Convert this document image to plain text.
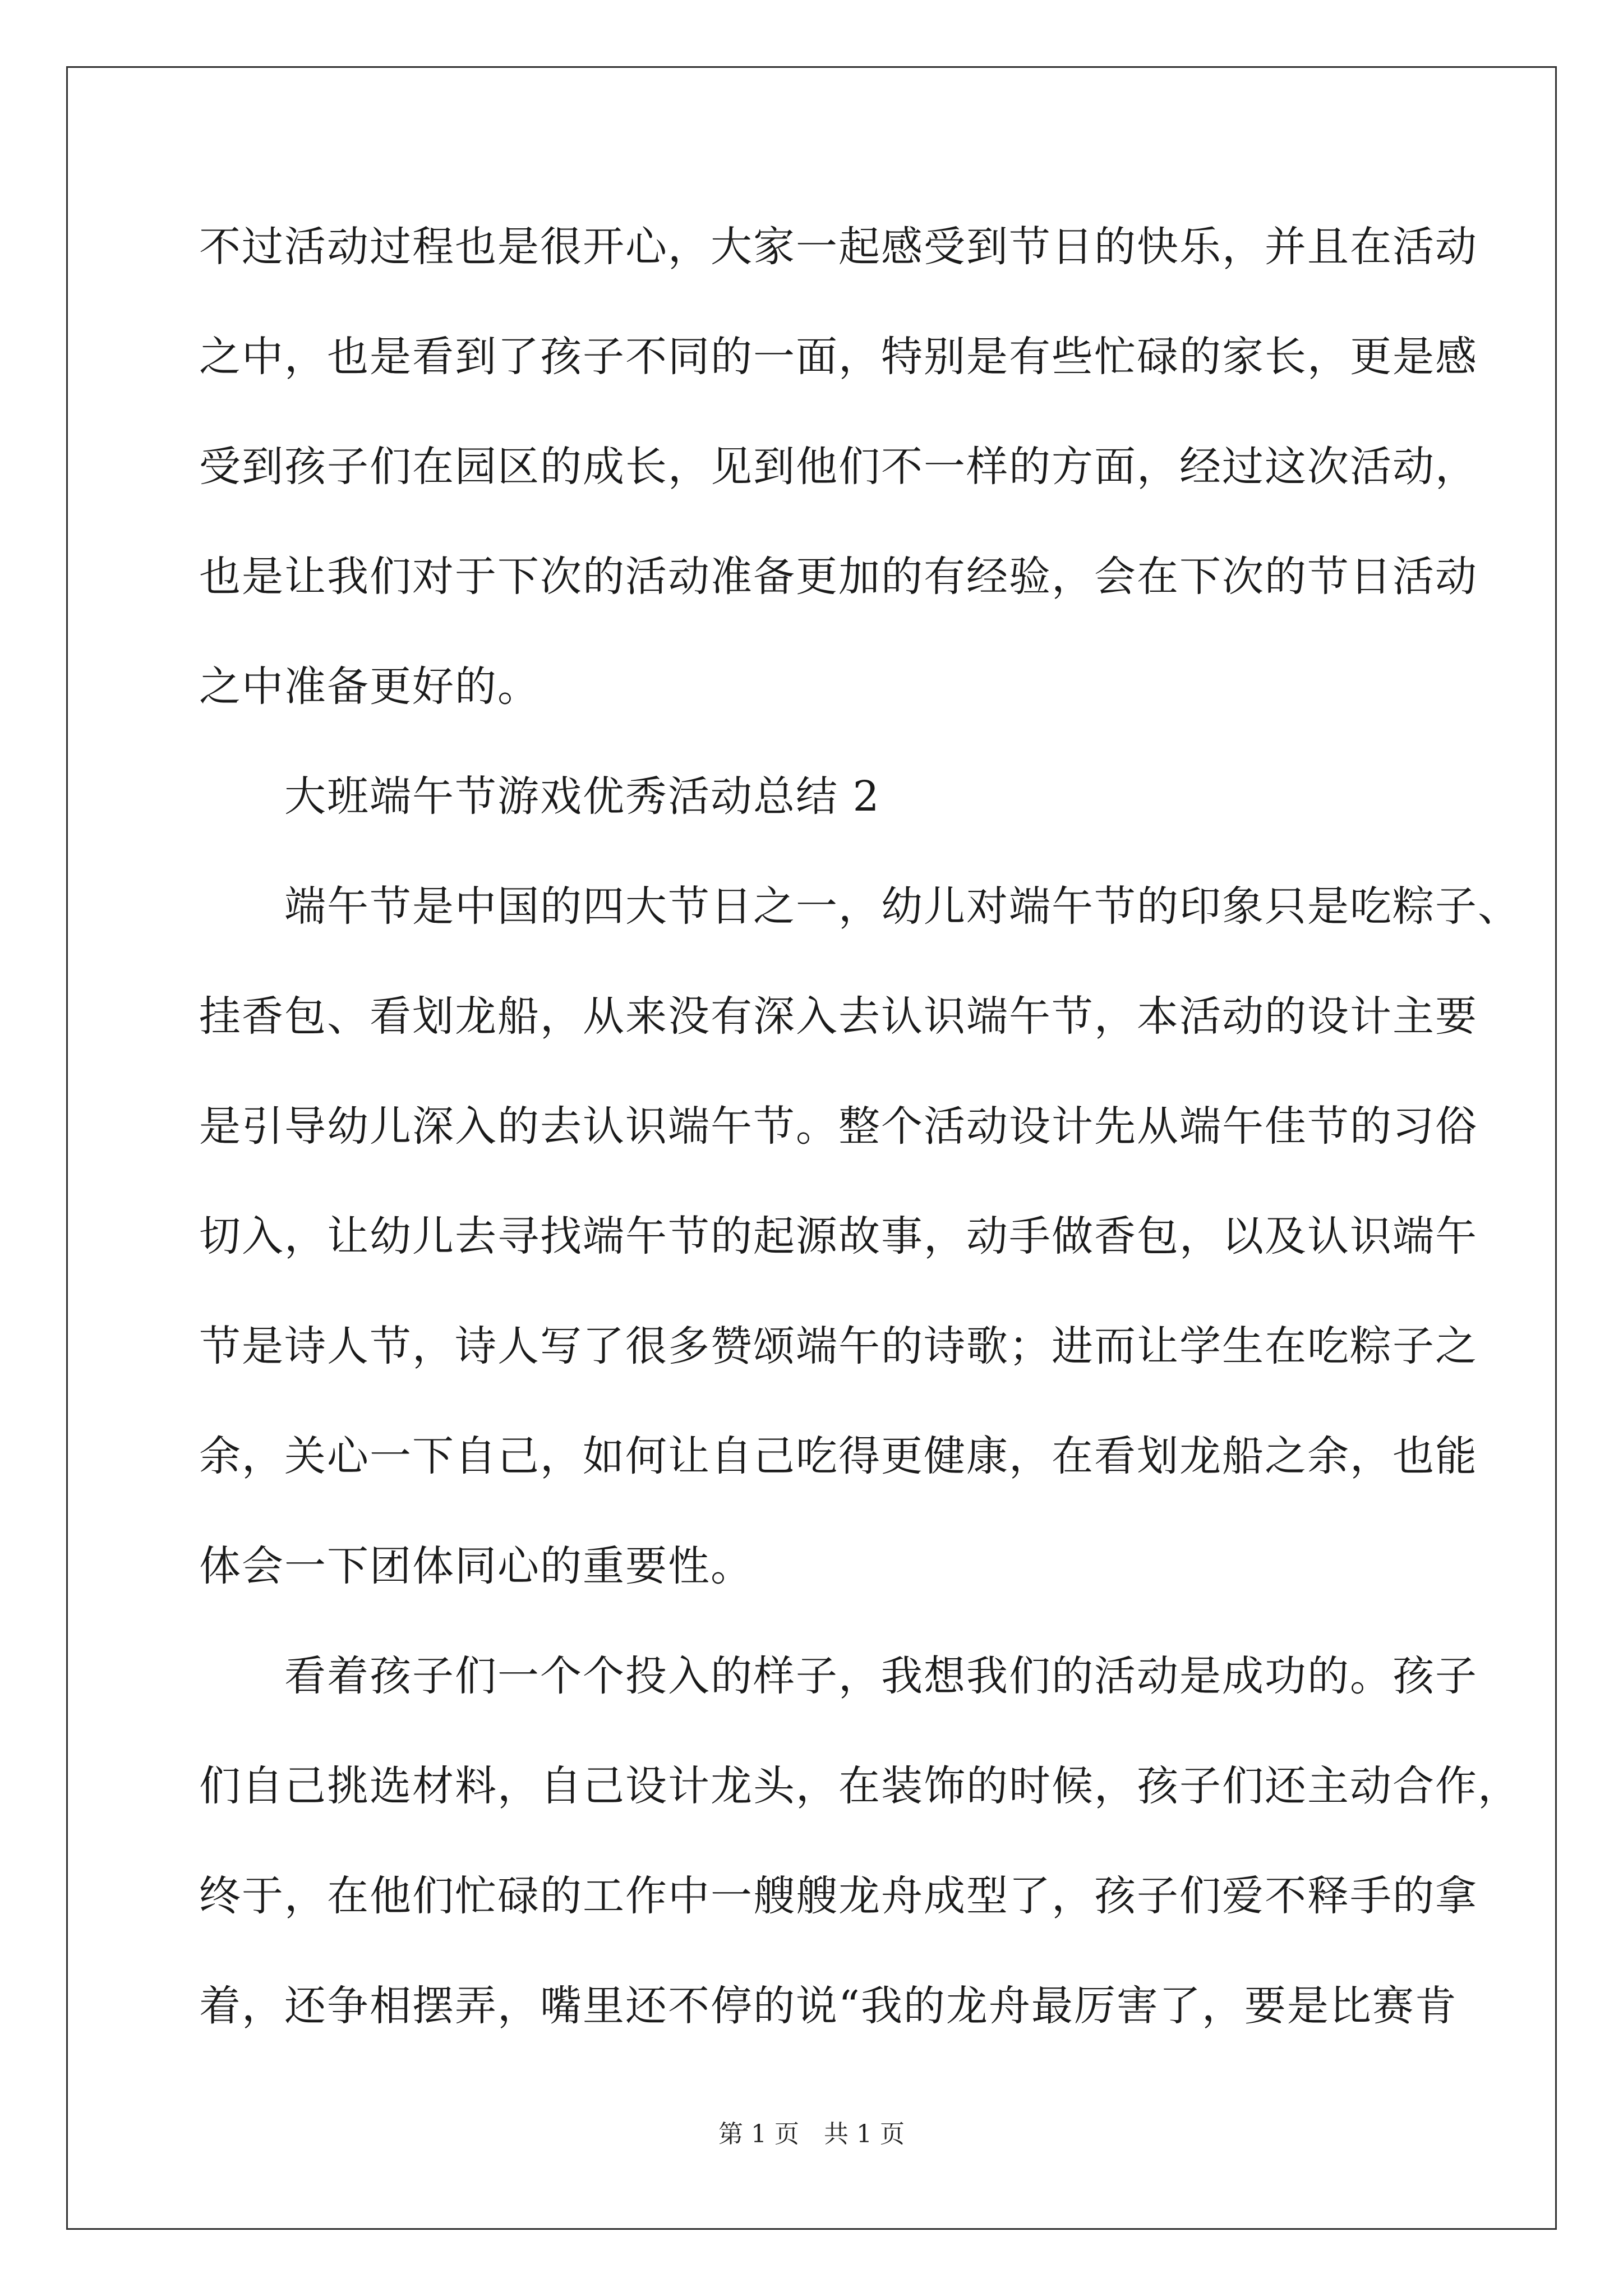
不过活动过程也是很开心，大家一起感受到节日的快乐，并且在活动
之中，也是看到了孩子不同的一面，特别是有些忙碌的家长，更是感
受到孩子们在园区的成长，见到他们不一样的方面，经过这次活动，
也是让我们对于下次的活动准备更加的有经验，会在下次的节日活动
之中准备更好的。
　　大班端午节游戏优秀活动总结 2
　　端午节是中国的四大节日之一，幼儿对端午节的印象只是吃粽子、
挂香包、看划龙船，从来没有深入去认识端午节，本活动的设计主要
是引导幼儿深入的去认识端午节。整个活动设计先从端午佳节的习俗
切入，让幼儿去寻找端午节的起源故事，动手做香包，以及认识端午
节是诗人节，诗人写了很多赞颂端午的诗歌；进而让学生在吃粽子之
余，关心一下自己，如何让自己吃得更健康，在看划龙船之余，也能
体会一下团体同心的重要性。
　　看着孩子们一个个投入的样子，我想我们的活动是成功的。孩子
们自己挑选材料，自己设计龙头，在装饰的时候，孩子们还主动合作，
终于，在他们忙碌的工作中一艘艘龙舟成型了，孩子们爱不释手的拿
着，还争相摆弄，嘴里还不停的说“我的龙舟最厉害了，要是比赛肯
第 1 页　共 1 页
